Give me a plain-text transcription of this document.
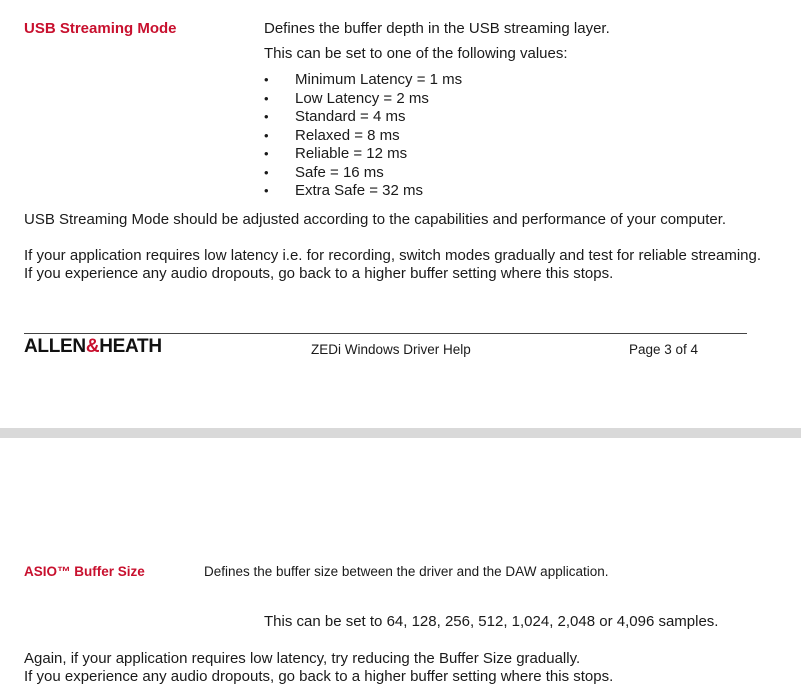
USB Streaming Mode	Defines the buffer depth in the USB streaming layer.
This can be set to one of the following values:
• Minimum Latency = 1 ms
• Low Latency = 2 ms
• Standard = 4 ms
• Relaxed = 8 ms
• Reliable = 12 ms
• Safe = 16 ms
• Extra Safe = 32 ms
USB Streaming Mode should be adjusted according to the capabilities and performance of your computer.
If your application requires low latency i.e. for recording, switch modes gradually and test for reliable streaming.
If you experience any audio dropouts, go back to a higher buffer setting where this stops.
ALLEN&HEATH	ZEDi Windows Driver Help	Page 3 of 4
ASIO™ Buffer Size	Defines the buffer size between the driver and the DAW application.
This can be set to 64, 128, 256, 512, 1,024, 2,048 or 4,096 samples.
Again, if your application requires low latency, try reducing the Buffer Size gradually.
If you experience any audio dropouts, go back to a higher buffer setting where this stops.
